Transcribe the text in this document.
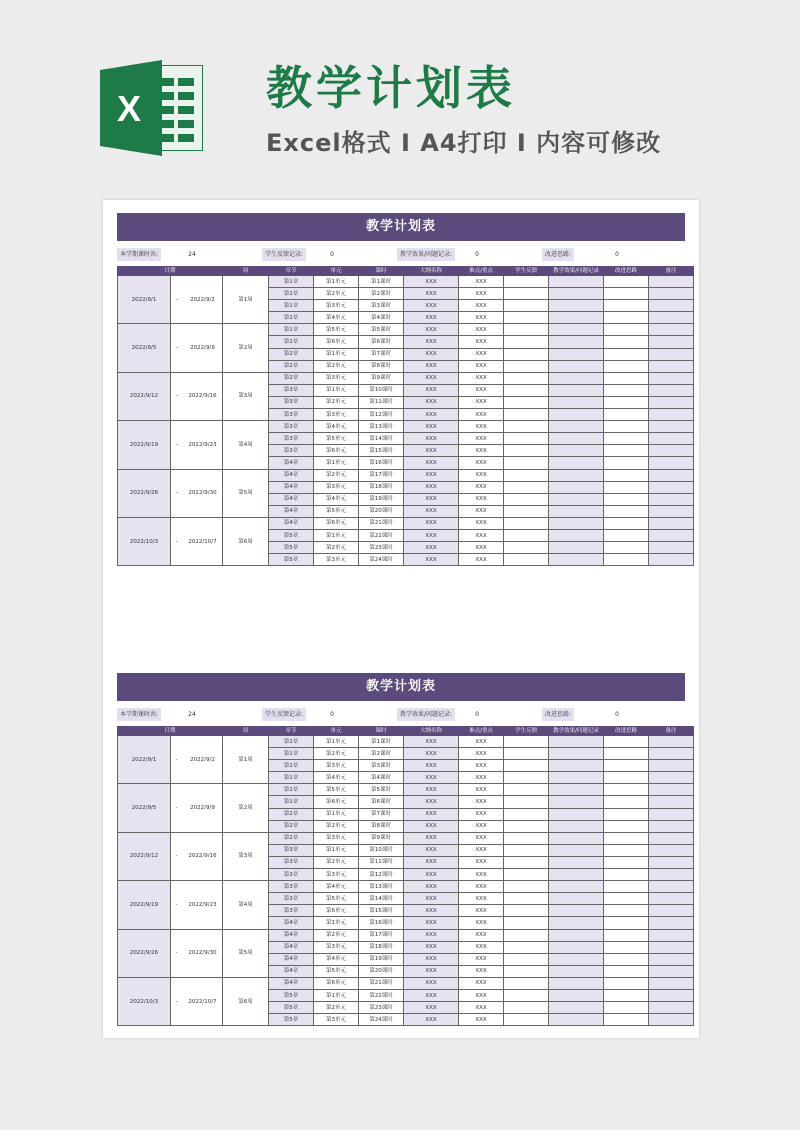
X	教学计划表
Excel格式 I A4打印 I 内容可修改
教学计划表
本学期课时共:	24	学生反馈记录:	0	教学效果/问题记录:	0	改进思路:	0
日期			周	章节	单元	课时	大纲名称	难点/重点	学生反馈	教学效果/问题记录	改进思路	备注
2022/9/1	-	2022/9/2	第1周	第1章	第1单元	第1课时	XXX	XXX				
				第1章	第2单元	第2课时	XXX	XXX				
				第1章	第3单元	第3课时	XXX	XXX				
				第1章	第4单元	第4课时	XXX	XXX				
2022/9/5	-	2022/9/9	第2周	第1章	第5单元	第5课时	XXX	XXX				
				第1章	第6单元	第6课时	XXX	XXX				
				第2章	第1单元	第7课时	XXX	XXX				
				第2章	第2单元	第8课时	XXX	XXX				
2022/9/12	-	2022/9/16	第3周	第2章	第3单元	第9课时	XXX	XXX				
				第3章	第1单元	第10课时	XXX	XXX				
				第3章	第2单元	第11课时	XXX	XXX				
				第3章	第3单元	第12课时	XXX	XXX				
2022/9/19	-	2022/9/23	第4周	第3章	第4单元	第13课时	XXX	XXX				
				第3章	第5单元	第14课时	XXX	XXX				
				第3章	第6单元	第15课时	XXX	XXX				
				第4章	第1单元	第16课时	XXX	XXX				
2022/9/26	-	2022/9/30	第5周	第4章	第2单元	第17课时	XXX	XXX				
				第4章	第3单元	第18课时	XXX	XXX				
				第4章	第4单元	第19课时	XXX	XXX				
				第4章	第5单元	第20课时	XXX	XXX				
2022/10/3	-	2022/10/7	第6周	第4章	第6单元	第21课时	XXX	XXX				
				第5章	第1单元	第22课时	XXX	XXX				
				第5章	第2单元	第23课时	XXX	XXX				
				第5章	第3单元	第24课时	XXX	XXX				
教学计划表
本学期课时共:	24	学生反馈记录:	0	教学效果/问题记录:	0	改进思路:	0
日期			周	章节	单元	课时	大纲名称	难点/重点	学生反馈	教学效果/问题记录	改进思路	备注
2022/9/1	-	2022/9/2	第1周	第1章	第1单元	第1课时	XXX	XXX				
				第1章	第2单元	第2课时	XXX	XXX				
				第1章	第3单元	第3课时	XXX	XXX				
				第1章	第4单元	第4课时	XXX	XXX				
2022/9/5	-	2022/9/9	第2周	第1章	第5单元	第5课时	XXX	XXX				
				第1章	第6单元	第6课时	XXX	XXX				
				第2章	第1单元	第7课时	XXX	XXX				
				第2章	第2单元	第8课时	XXX	XXX				
2022/9/12	-	2022/9/16	第3周	第2章	第3单元	第9课时	XXX	XXX				
				第3章	第1单元	第10课时	XXX	XXX				
				第3章	第2单元	第11课时	XXX	XXX				
				第3章	第3单元	第12课时	XXX	XXX				
2022/9/19	-	2022/9/23	第4周	第3章	第4单元	第13课时	XXX	XXX				
				第3章	第5单元	第14课时	XXX	XXX				
				第3章	第6单元	第15课时	XXX	XXX				
				第4章	第1单元	第16课时	XXX	XXX				
2022/9/26	-	2022/9/30	第5周	第4章	第2单元	第17课时	XXX	XXX				
				第4章	第3单元	第18课时	XXX	XXX				
				第4章	第4单元	第19课时	XXX	XXX				
				第4章	第5单元	第20课时	XXX	XXX				
2022/10/3	-	2022/10/7	第6周	第4章	第6单元	第21课时	XXX	XXX				
				第5章	第1单元	第22课时	XXX	XXX				
				第5章	第2单元	第23课时	XXX	XXX				
				第5章	第3单元	第24课时	XXX	XXX				
